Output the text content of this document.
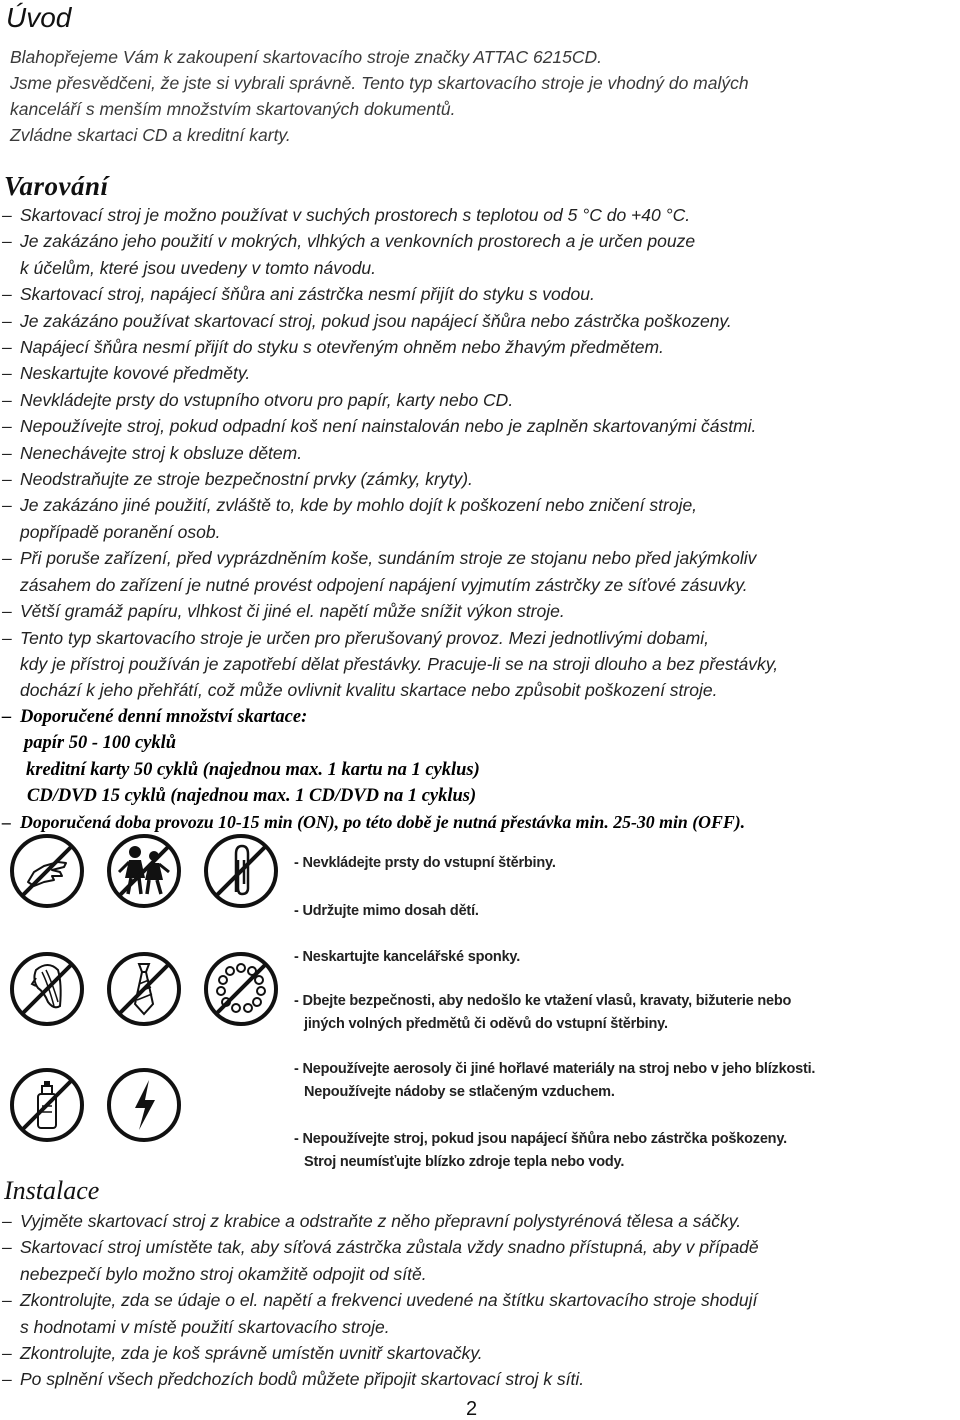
Úvod
Blahopřejeme Vám k zakoupení skartovacího stroje značky ATTAC 6215CD.
Jsme přesvědčeni, že jste si vybrali správně. Tento typ skartovacího stroje je vhodný do malých
kanceláří s menším množstvím skartovaných dokumentů.
Zvládne skartaci CD a kreditní karty.
Varování
– Skartovací stroj je možno používat v suchých prostorech s teplotou od 5 °C do +40 °C.
– Je zakázáno jeho použití v mokrých, vlhkých a venkovních prostorech a je určen pouze
k účelům, které jsou uvedeny v tomto návodu.
– Skartovací stroj, napájecí šňůra ani zástrčka nesmí přijít do styku s vodou.
– Je zakázáno používat skartovací stroj, pokud jsou napájecí šňůra nebo zástrčka poškozeny.
– Napájecí šňůra nesmí přijít do styku s otevřeným ohněm nebo žhavým předmětem.
– Neskartujte kovové předměty.
– Nevkládejte prsty do vstupního otvoru pro papír, karty nebo CD.
– Nepoužívejte stroj, pokud odpadní koš není nainstalován nebo je zaplněn skartovanými částmi.
– Nenechávejte stroj k obsluze dětem.
– Neodstraňujte ze stroje bezpečnostní prvky (zámky, kryty).
– Je zakázáno jiné použití, zvláště to, kde by mohlo dojít k poškození nebo zničení stroje,
popřípadě poranění osob.
– Při poruše zařízení, před vyprázdněním koše, sundáním stroje ze stojanu nebo před jakýmkoliv
zásahem do zařízení je nutné provést odpojení napájení vyjmutím zástrčky ze síťové zásuvky.
– Větší gramáž papíru, vlhkost či jiné el. napětí může snížit výkon stroje.
– Tento typ skartovacího stroje je určen pro přerušovaný provoz. Mezi jednotlivými dobami,
kdy je přístroj používán je zapotřebí dělat přestávky. Pracuje-li se na stroji dlouho a bez přestávky,
dochází k jeho přehřátí, což může ovlivnit kvalitu skartace nebo způsobit poškození stroje.
– Doporučené denní množství skartace:
papír 50 - 100 cyklů
kreditní karty 50 cyklů (najednou max. 1 kartu na 1 cyklus)
CD/DVD 15 cyklů (najednou max. 1 CD/DVD na 1 cyklus)
– Doporučená doba provozu 10-15 min (ON), po této době je nutná přestávka min. 25-30 min (OFF).
- Nevkládejte prsty do vstupní štěrbiny.
- Udržujte mimo dosah dětí.
- Neskartujte kancelářské sponky.
- Dbejte bezpečnosti, aby nedošlo ke vtažení vlasů, kravaty, bižuterie nebo
jiných volných předmětů či oděvů do vstupní štěrbiny.
- Nepoužívejte aerosoly či jiné hořlavé materiály na stroj nebo v jeho blízkosti.
Nepoužívejte nádoby se stlačeným vzduchem.
- Nepoužívejte stroj, pokud jsou napájecí šňůra nebo zástrčka poškozeny.
Stroj neumísťujte blízko zdroje tepla nebo vody.
Instalace
– Vyjměte skartovací stroj z krabice a odstraňte z něho přepravní polystyrénová tělesa a sáčky.
– Skartovací stroj umístěte tak, aby síťová zástrčka zůstala vždy snadno přístupná, aby v případě
nebezpečí bylo možno stroj okamžitě odpojit od sítě.
– Zkontrolujte, zda se údaje o el. napětí a frekvenci uvedené na štítku skartovacího stroje shodují
s hodnotami v místě použití skartovacího stroje.
– Zkontrolujte, zda je koš správně umístěn uvnitř skartovačky.
– Po splnění všech předchozích bodů můžete připojit skartovací stroj k síti.
2
